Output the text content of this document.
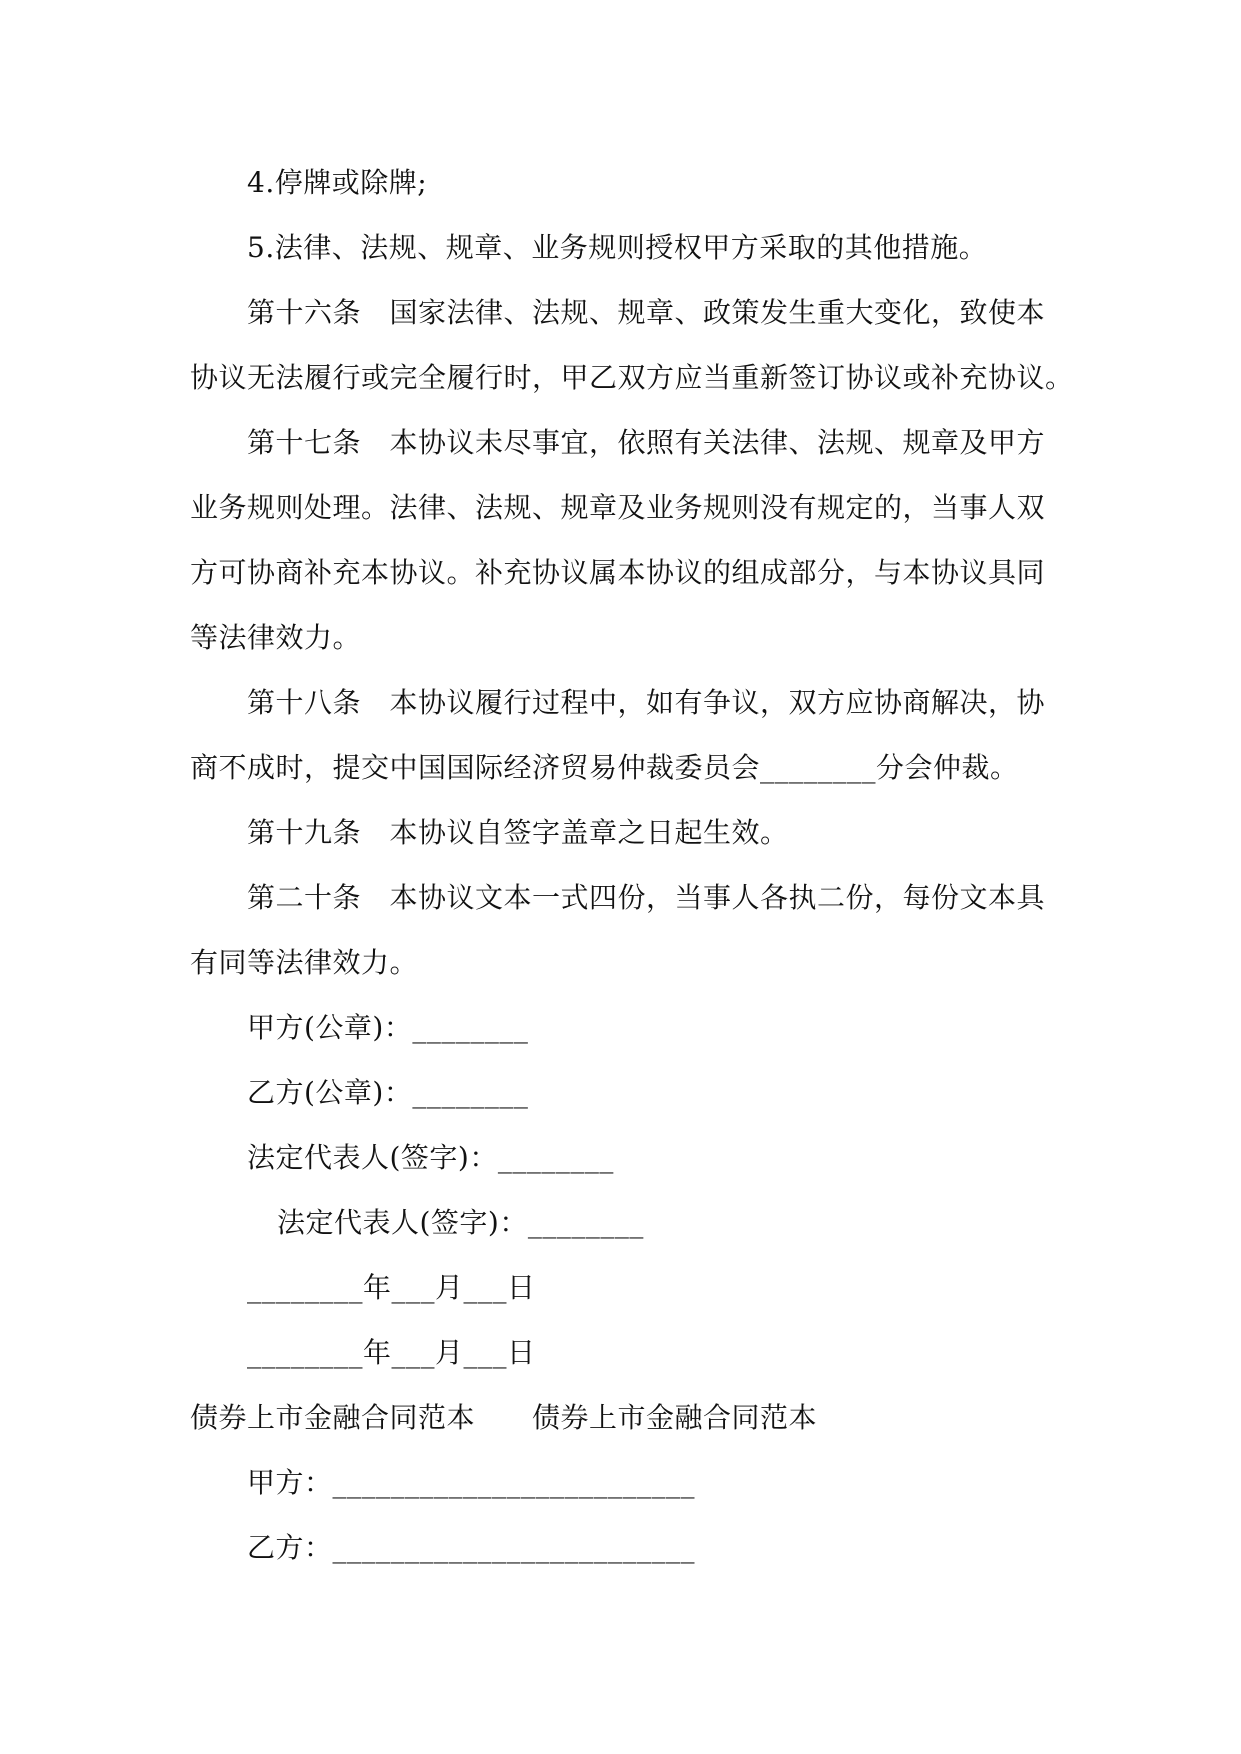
4.停牌或除牌;
5.法律、法规、规章、业务规则授权甲方采取的其他措施。
第十六条　国家法律、法规、规章、政策发生重大变化，致使本
协议无法履行或完全履行时，甲乙双方应当重新签订协议或补充协议。
第十七条　本协议未尽事宜，依照有关法律、法规、规章及甲方
业务规则处理。法律、法规、规章及业务规则没有规定的，当事人双
方可协商补充本协议。补充协议属本协议的组成部分，与本协议具同
等法律效力。
第十八条　本协议履行过程中，如有争议，双方应协商解决，协
商不成时，提交中国国际经济贸易仲裁委员会________分会仲裁。
第十九条　本协议自签字盖章之日起生效。
第二十条　本协议文本一式四份，当事人各执二份，每份文本具
有同等法律效力。
甲方(公章)：________
乙方(公章)：________
法定代表人(签字)：________
法定代表人(签字)：________
________年___月___日
________年___月___日
债券上市金融合同范本　　债券上市金融合同范本
甲方：_________________________
乙方：_________________________
